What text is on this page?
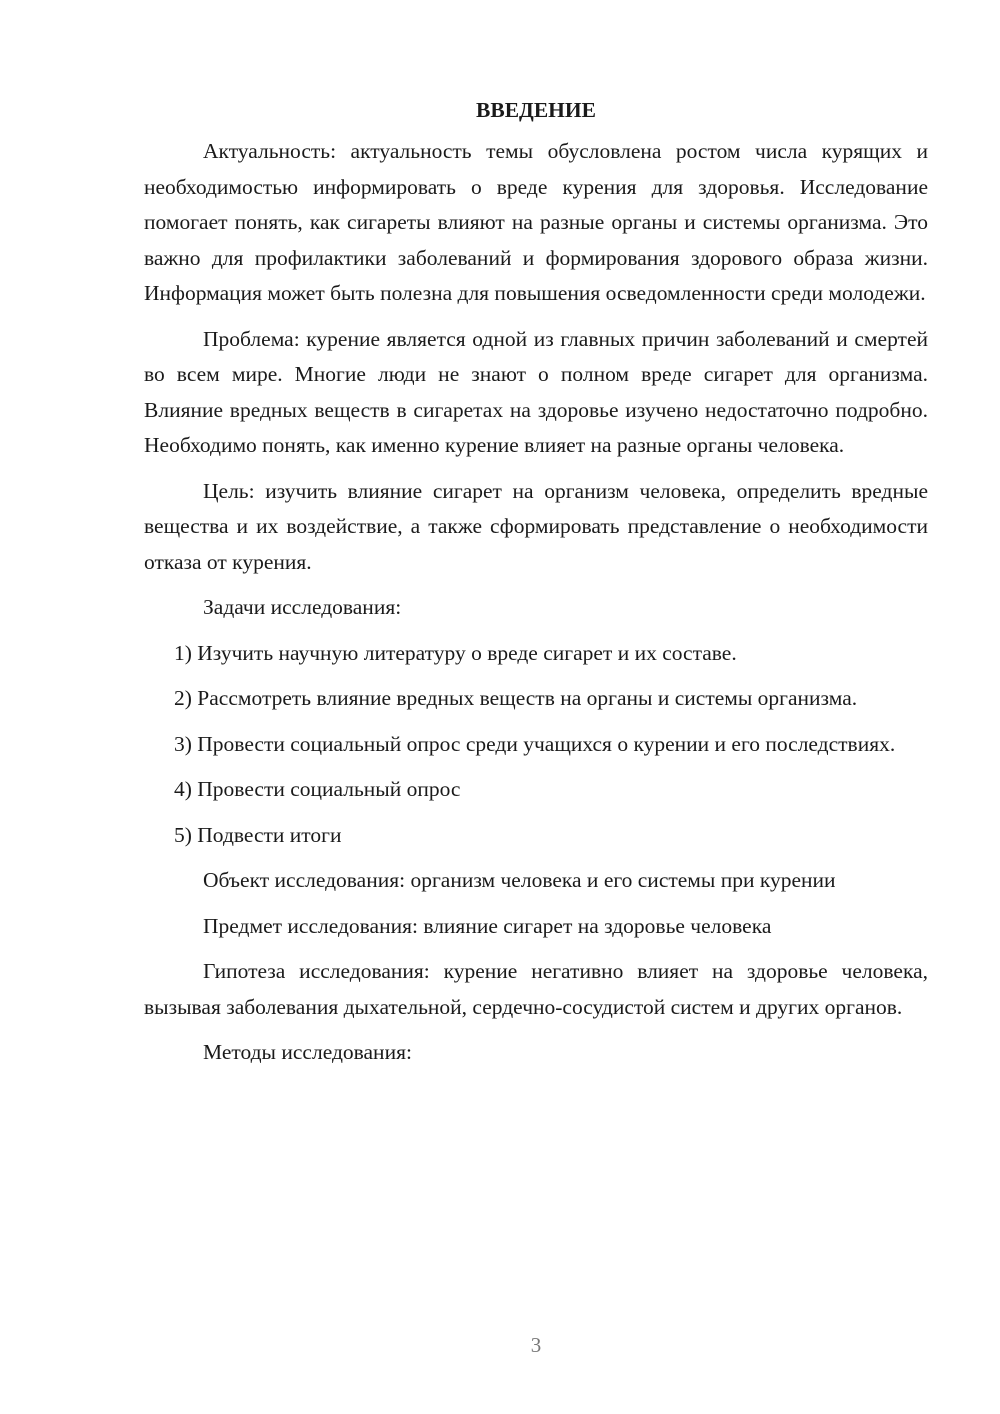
ВВЕДЕНИЕ

Актуальность: актуальность темы обусловлена ростом числа курящих и необходимостью информировать о вреде курения для здоровья. Исследование помогает понять, как сигареты влияют на разные органы и системы организма. Это важно для профилактики заболеваний и формирования здорового образа жизни. Информация может быть полезна для повышения осведомленности среди молодежи.

Проблема: курение является одной из главных причин заболеваний и смертей во всем мире. Многие люди не знают о полном вреде сигарет для организма. Влияние вредных веществ в сигаретах на здоровье изучено недостаточно подробно. Необходимо понять, как именно курение влияет на разные органы человека.

Цель: изучить влияние сигарет на организм человека, определить вредные вещества и их воздействие, а также сформировать представление о необходимости отказа от курения.

Задачи исследования:

1) Изучить научную литературу о вреде сигарет и их составе.

2) Рассмотреть влияние вредных веществ на органы и системы организма.

3) Провести социальный опрос среди учащихся о курении и его последствиях.

4) Провести социальный опрос

5) Подвести итоги

Объект исследования: организм человека и его системы при курении

Предмет исследования: влияние сигарет на здоровье человека

Гипотеза исследования: курение негативно влияет на здоровье человека, вызывая заболевания дыхательной, сердечно-сосудистой систем и других органов.

Методы исследования:

3
